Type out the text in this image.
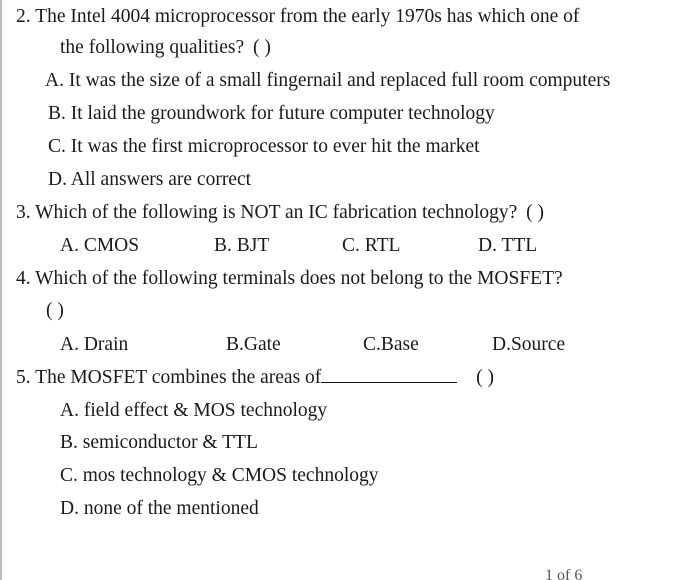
2. The Intel 4004 microprocessor from the early 1970s has which one of
the following qualities? ( )
A. It was the size of a small fingernail and replaced full room computers
B. It laid the groundwork for future computer technology
C. It was the first microprocessor to ever hit the market
D. All answers are correct
3. Which of the following is NOT an IC fabrication technology? ( )
A. CMOS	B. BJT	C. RTL	D. TTL
4. Which of the following terminals does not belong to the MOSFET?
( )
A. Drain	B.Gate	C.Base	D.Source
5. The MOSFET combines the areas of	( )
A. field effect & MOS technology
B. semiconductor & TTL
C. mos technology & CMOS technology
D. none of the mentioned
1 of 6
